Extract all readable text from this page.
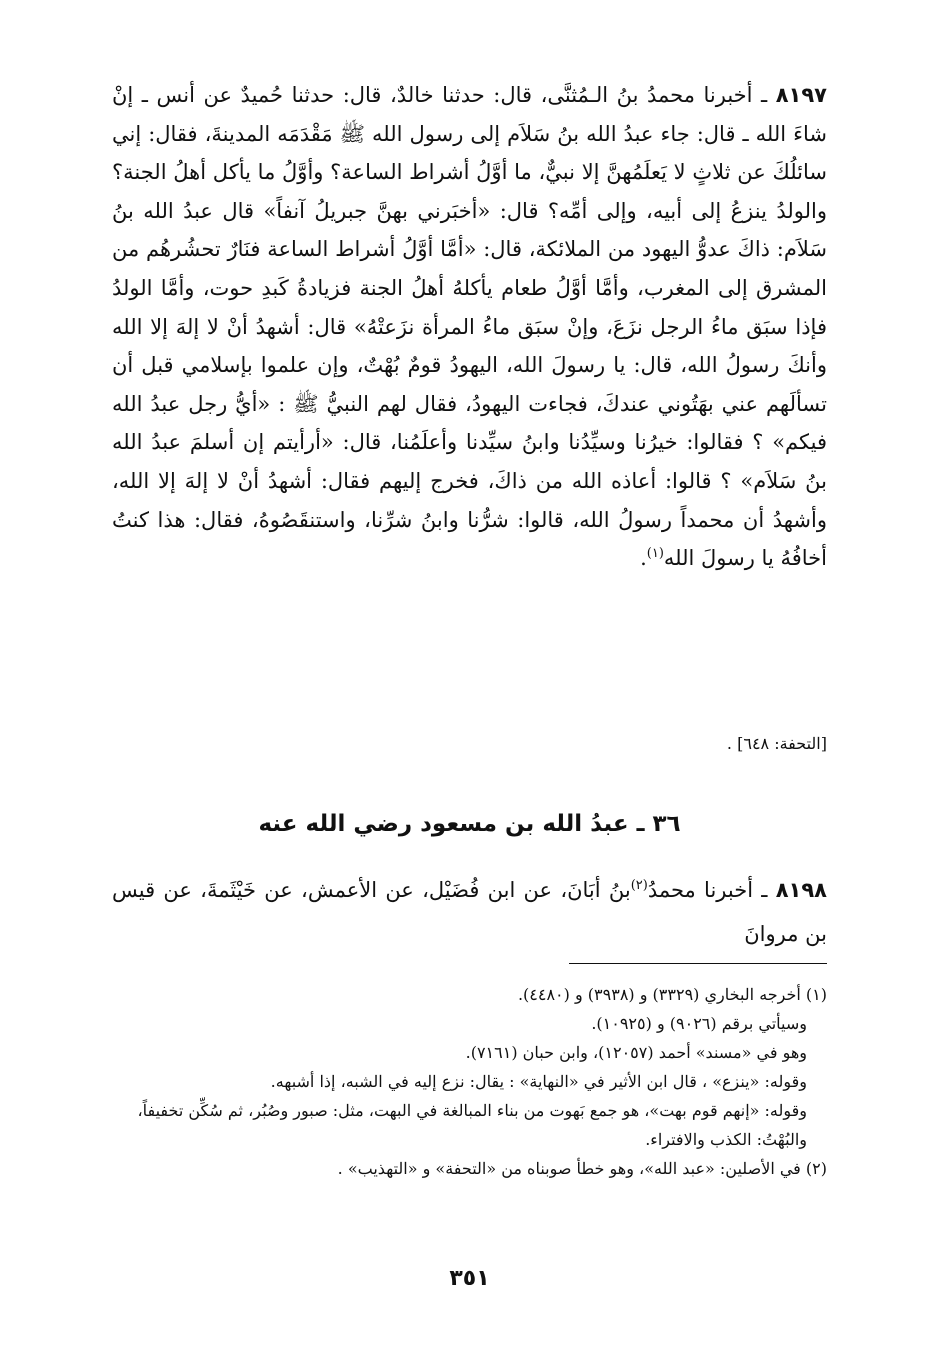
٨١٩٧ ـ أخبرنا محمدُ بنُ الـمُثنَّى، قال: حدثنا خالدٌ، قال: حدثنا حُميدٌ عن أنس ـ إنْ شاءَ الله ـ قال: جاء عبدُ الله بنُ سَلاَم إلى رسول الله ﷺ مَقْدَمَه المدينةَ، فقال: إني سائلُكَ عن ثلاثٍ لا يَعلَمُهنَّ إلا نبيٌّ، ما أوَّلُ أشراط الساعة؟ وأوَّلُ ما يأكل أهلُ الجنة؟ والولدُ ينزعُ إلى أبيه، وإلى أمِّه؟ قال: «أخبَرني بهنَّ جبريلُ آنفاً» قال عبدُ الله بنُ سَلاَم: ذاكَ عدوُّ اليهود من الملائكة، قال: «أمَّا أوَّلُ أشراط الساعة فنَارٌ تحشُرهُم من المشرق إلى المغرب، وأمَّا أوَّلُ طعام يأكلهُ أهلُ الجنة فزيادةُ كَبدِ حوت، وأمَّا الولدُ فإذا سبَق ماءُ الرجل نزَعَ، وإنْ سبَق ماءُ المرأة نزَعتْهُ» قال: أشهدُ أنْ لا إلهَ إلا الله وأنكَ رسولُ الله، قال: يا رسولَ الله، اليهودُ قومٌ بُهْتٌ، وإن علموا بإسلامي قبل أن تسألَهم عني بهَتُوني عندكَ، فجاءت اليهودُ، فقال لهم النبيُّ ﷺ : «أيُّ رجل عبدُ الله فيكم» ؟ فقالوا: خيرُنا وسيِّدُنا وابنُ سيِّدنا وأعلَمُنا، قال: «أرأيتم إن أسلمَ عبدُ الله بنُ سَلاَم» ؟ قالوا: أعاذه الله من ذاكَ، فخرج إليهم فقال: أشهدُ أنْ لا إلهَ إلا الله، وأشهدُ أن محمداً رسولُ الله، قالوا: شرُّنا وابنُ شرِّنا، واستنقَصُوهُ، فقال: هذا كنتُ أخافُهُ يا رسولَ الله$^{(١)}$.

[التحفة: ٦٤٨] .
٣٦ ـ عبدُ الله بن مسعود رضي الله عنه

٨١٩٨ ـ أخبرنا محمدُ$^{(٢)}$بنُ أبَانَ، عن ابن فُضَيْل، عن الأعمش، عن خَيْثَمةَ، عن قيس بن مروانَ

(١) أخرجه البخاري (٣٣٢٩) و (٣٩٣٨) و (٤٤٨٠).

وسيأتي برقم (٩٠٢٦) و (١٠٩٢٥).

وهو في «مسند» أحمد (١٢٠٥٧)، وابن حبان (٧١٦١).

وقوله: «ينزع» ، قال ابن الأثير في «النهاية» : يقال: نزع إليه في الشبه، إذا أشبهه.

وقوله: «إنهم قوم بهت»، هو جمع بَهوت من بناء المبالغة في البهت، مثل: صبور وصُبُر، ثم سُكِّن تخفيفاً، والبُهْتُ: الكذب والافتراء.

(٢) في الأصلين: «عبد الله»، وهو خطأ صوبناه من «التحفة» و «التهذيب» .

٣٥١
